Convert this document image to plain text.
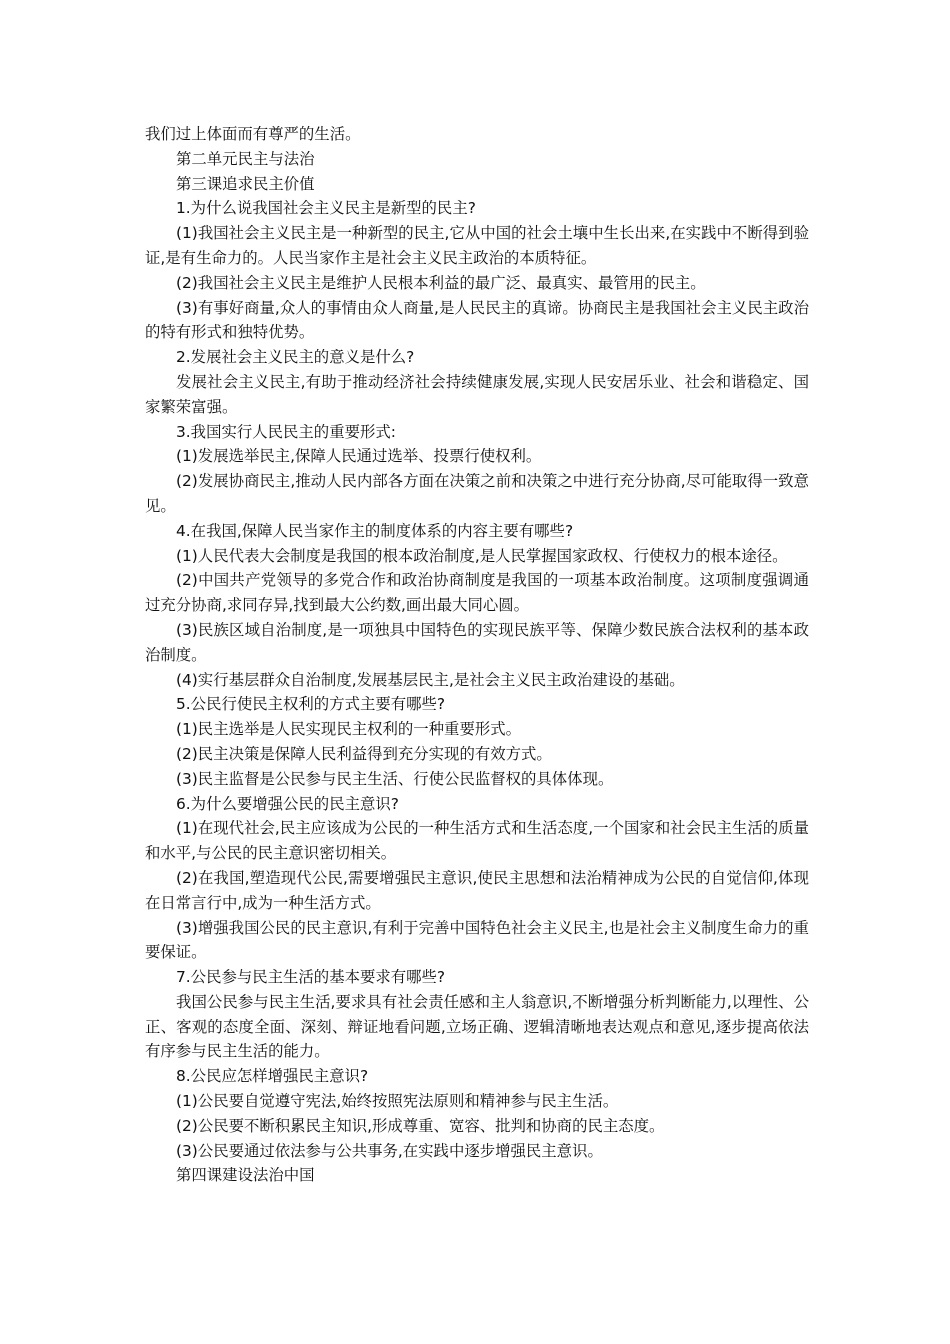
我们过上体面而有尊严的生活。

第二单元民主与法治

第三课追求民主价值

1.为什么说我国社会主义民主是新型的民主?

(1)我国社会主义民主是一种新型的民主,它从中国的社会土壤中生长出来,在实践中不断得到验证,是有生命力的。人民当家作主是社会主义民主政治的本质特征。

(2)我国社会主义民主是维护人民根本利益的最广泛、最真实、最管用的民主。

(3)有事好商量,众人的事情由众人商量,是人民民主的真谛。协商民主是我国社会主义民主政治的特有形式和独特优势。

2.发展社会主义民主的意义是什么?

发展社会主义民主,有助于推动经济社会持续健康发展,实现人民安居乐业、社会和谐稳定、国家繁荣富强。

3.我国实行人民民主的重要形式:

(1)发展选举民主,保障人民通过选举、投票行使权利。

(2)发展协商民主,推动人民内部各方面在决策之前和决策之中进行充分协商,尽可能取得一致意见。

4.在我国,保障人民当家作主的制度体系的内容主要有哪些?

(1)人民代表大会制度是我国的根本政治制度,是人民掌握国家政权、行使权力的根本途径。

(2)中国共产党领导的多党合作和政治协商制度是我国的一项基本政治制度。这项制度强调通过充分协商,求同存异,找到最大公约数,画出最大同心圆。

(3)民族区域自治制度,是一项独具中国特色的实现民族平等、保障少数民族合法权利的基本政治制度。

(4)实行基层群众自治制度,发展基层民主,是社会主义民主政治建设的基础。

5.公民行使民主权利的方式主要有哪些?

(1)民主选举是人民实现民主权利的一种重要形式。

(2)民主决策是保障人民利益得到充分实现的有效方式。

(3)民主监督是公民参与民主生活、行使公民监督权的具体体现。

6.为什么要增强公民的民主意识?

(1)在现代社会,民主应该成为公民的一种生活方式和生活态度,一个国家和社会民主生活的质量和水平,与公民的民主意识密切相关。

(2)在我国,塑造现代公民,需要增强民主意识,使民主思想和法治精神成为公民的自觉信仰,体现在日常言行中,成为一种生活方式。

(3)增强我国公民的民主意识,有利于完善中国特色社会主义民主,也是社会主义制度生命力的重要保证。

7.公民参与民主生活的基本要求有哪些?

我国公民参与民主生活,要求具有社会责任感和主人翁意识,不断增强分析判断能力,以理性、公正、客观的态度全面、深刻、辩证地看问题,立场正确、逻辑清晰地表达观点和意见,逐步提高依法有序参与民主生活的能力。

8.公民应怎样增强民主意识?

(1)公民要自觉遵守宪法,始终按照宪法原则和精神参与民主生活。

(2)公民要不断积累民主知识,形成尊重、宽容、批判和协商的民主态度。

(3)公民要通过依法参与公共事务,在实践中逐步增强民主意识。

第四课建设法治中国
